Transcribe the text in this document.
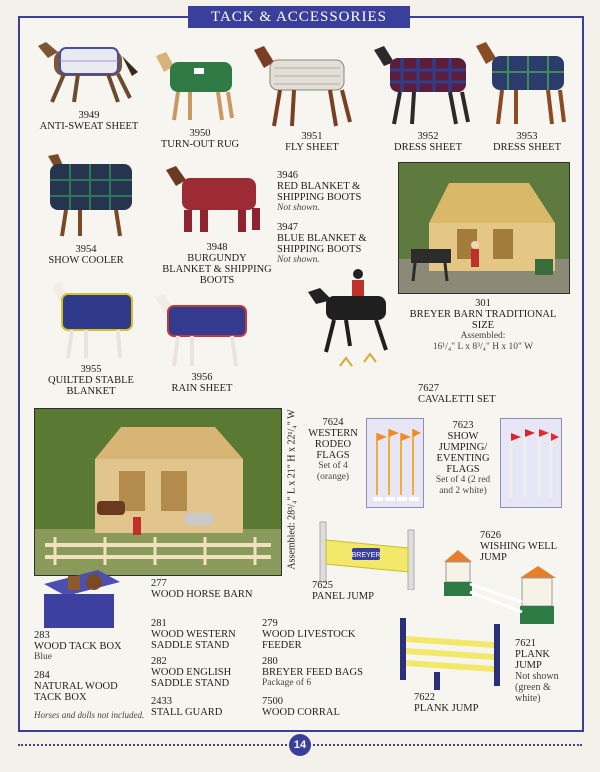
TACK & ACCESSORIES
3949
ANTI-SWEAT SHEET
3950
TURN-OUT RUG
3951
FLY SHEET
3952
DRESS SHEET
3953
DRESS SHEET
3954
SHOW COOLER
3948
BURGUNDY BLANKET & SHIPPING BOOTS
3946
RED BLANKET & SHIPPING BOOTS
Not shown.
3947
BLUE BLANKET & SHIPPING BOOTS
Not shown.
301
BREYER BARN TRADITIONAL SIZE
Assembled:
16¹/₄" L x 8³/₄" H x 10" W
3955
QUILTED STABLE BLANKET
3956
RAIN SHEET	7627
CAVALETTI SET
Assembled: 28³/₄" L x 21" H x 22¹/₄" W	7624
WESTERN RODEO FLAGS
Set of 4 (orange)
7623
SHOW JUMPING/ EVENTING FLAGS
Set of 4 (2 red and 2 white)
BREYER
7625
PANEL JUMP
7626
WISHING WELL JUMP
7621
PLANK JUMP
Not shown (green & white)
7622
PLANK JUMP
283
WOOD TACK BOX
Blue
284
NATURAL WOOD TACK BOX
Horses and dolls not included.
277
WOOD HORSE BARN
281
WOOD WESTERN SADDLE STAND
282
WOOD ENGLISH SADDLE STAND
2433
STALL GUARD
279
WOOD LIVESTOCK FEEDER
280
BREYER FEED BAGS
Package of 6
7500
WOOD CORRAL
14
